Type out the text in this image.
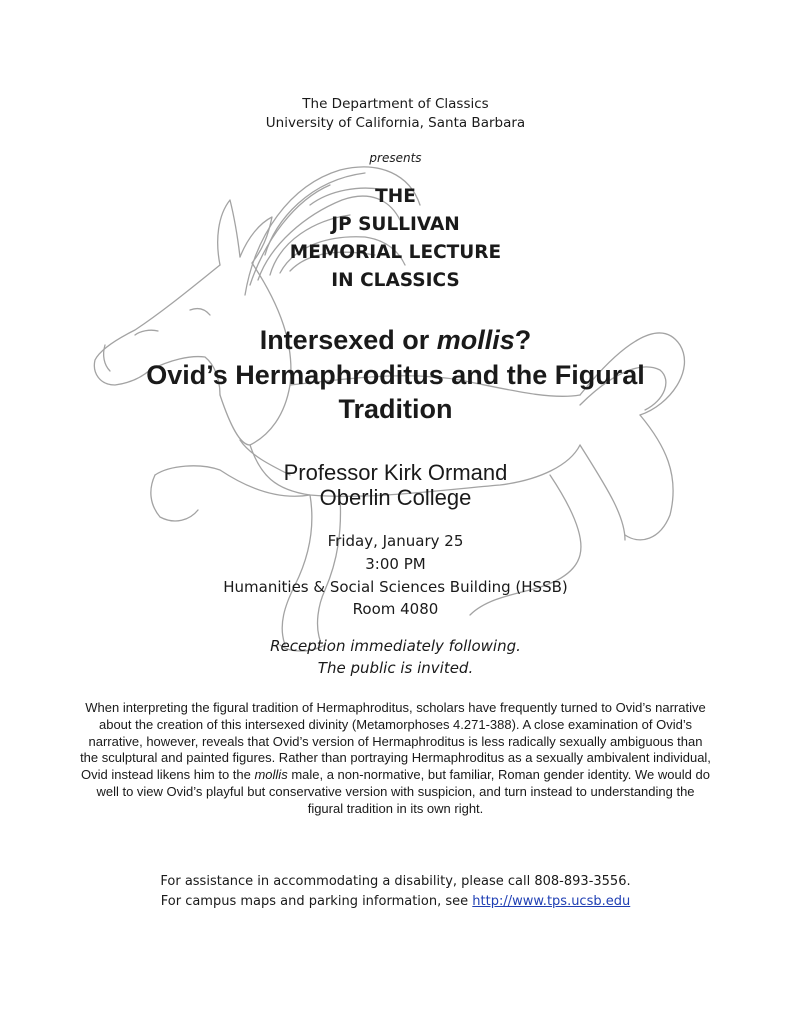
The Department of Classics
University of California, Santa Barbara
presents
THE
JP SULLIVAN
MEMORIAL LECTURE
IN CLASSICS
Intersexed or mollis?
Ovid’s Hermaphroditus and the Figural
Tradition
Professor Kirk Ormand
Oberlin College
Friday, January 25
3:00 PM
Humanities & Social Sciences Building (HSSB)
Room 4080
Reception immediately following.
The public is invited.
When interpreting the figural tradition of Hermaphroditus, scholars have frequently turned to Ovid’s narrative about the creation of this intersexed divinity (Metamorphoses 4.271-388). A close examination of Ovid’s narrative, however, reveals that Ovid’s version of Hermaphroditus is less radically sexually ambiguous than the sculptural and painted figures. Rather than portraying Hermaphroditus as a sexually ambivalent individual, Ovid instead likens him to the mollis male, a non-normative, but familiar, Roman gender identity. We would do well to view Ovid’s playful but conservative version with suspicion, and turn instead to understanding the figural tradition in its own right.
For assistance in accommodating a disability, please call 808-893-3556.
For campus maps and parking information, see http://www.tps.ucsb.edu
